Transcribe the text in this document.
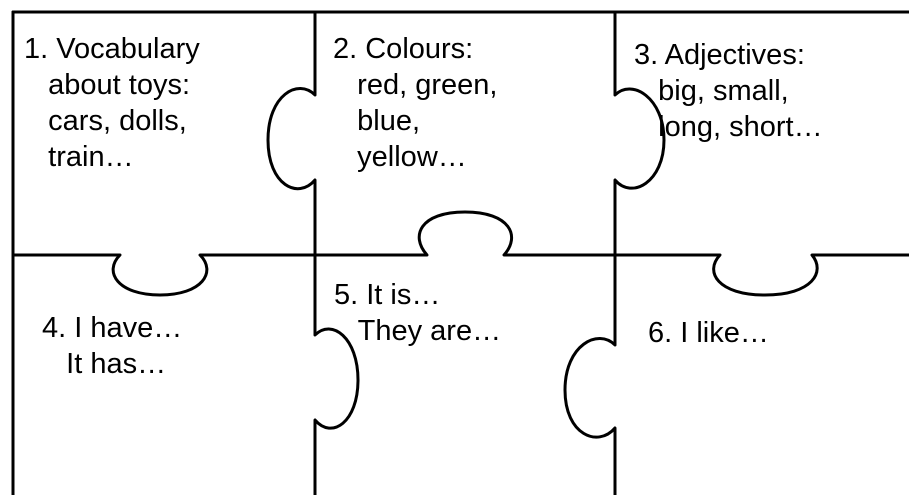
1. Vocabulary
about toys:
cars, dolls,
train…
2. Colours:
red, green,
blue,
yellow…
3. Adjectives:
big, small,
long, short…
4. I have…
It has…
5. It is…
They are…	6. I like…
